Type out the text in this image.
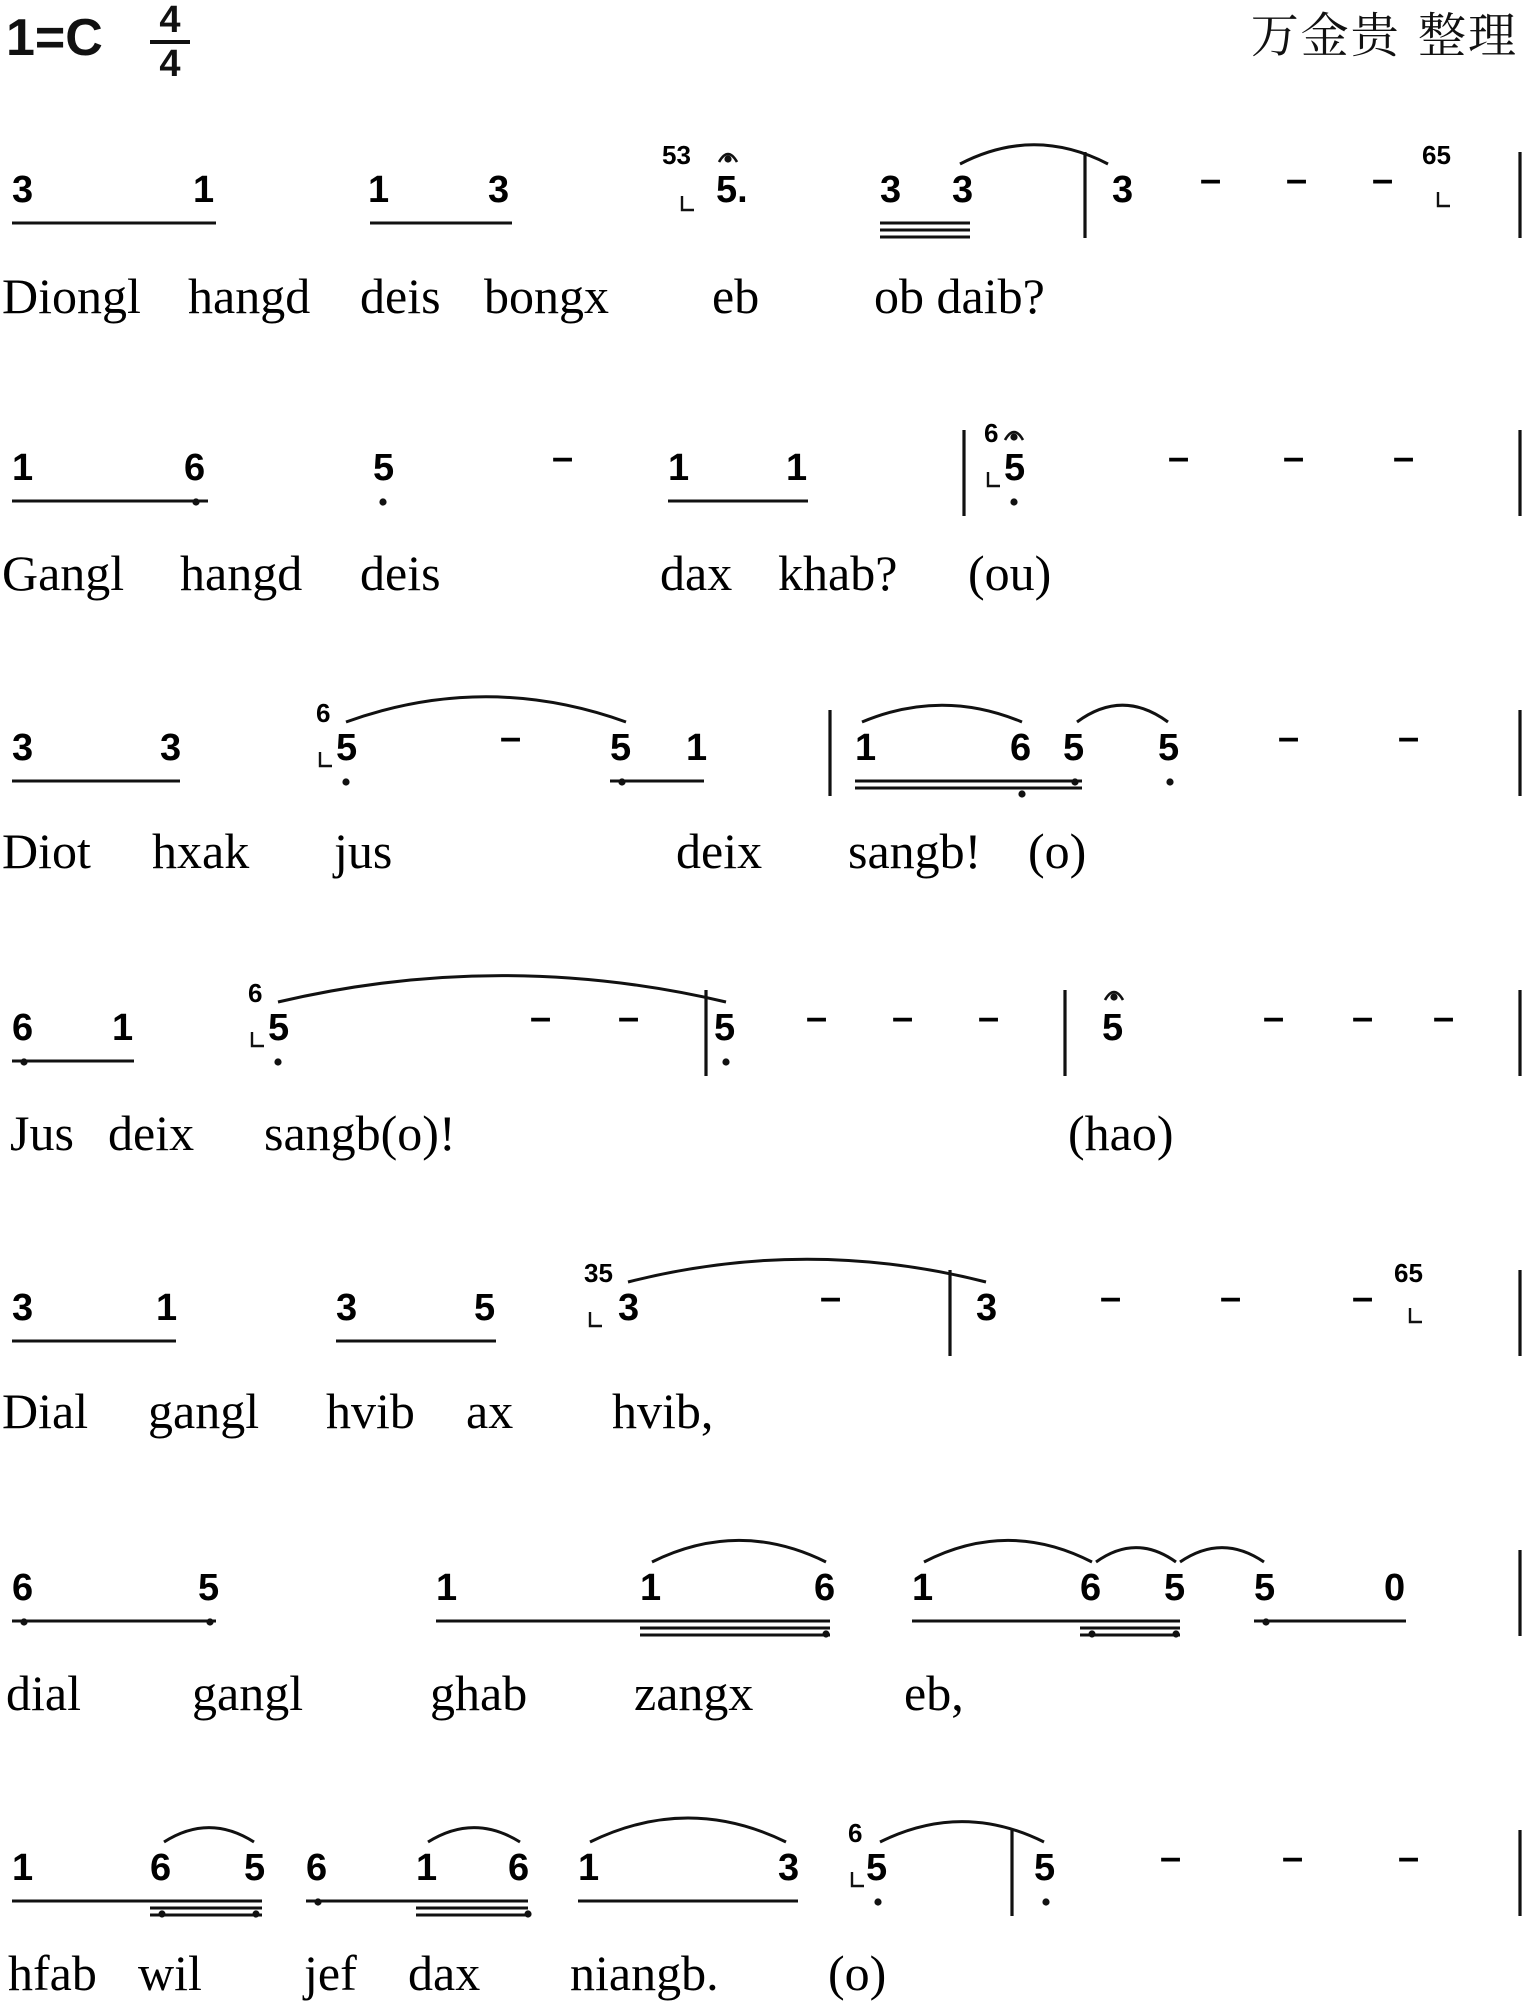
1=C 4
4	万金贵 整理
3	1	1	3
53
5.	3 3	3 – – –
65
Diongl hangd deis bongx eb ob daib?
1	6	5	– 1	1
6
5	– – –
Gangl hangd deis	dax khab? (ou)
3	3
6
5	– 5 1	1	6 5 5	–	–
Diot hxak jus	deix sangb! (o)
6 1
6
5	– – 5 – – –	5	– – –
Jus deix sangb(o)!	(hao)
3	1	3	5
35
3	–	3	–	–	–
65
Dial gangl hvib ax hvib,
6	5	1	1	6 1	6 5 5	0
dial gangl	ghab zangx	eb,
1	6 5 6 1 6 1	3
6
5	5	–	– –
hfab wil jef dax niangb. (o)
